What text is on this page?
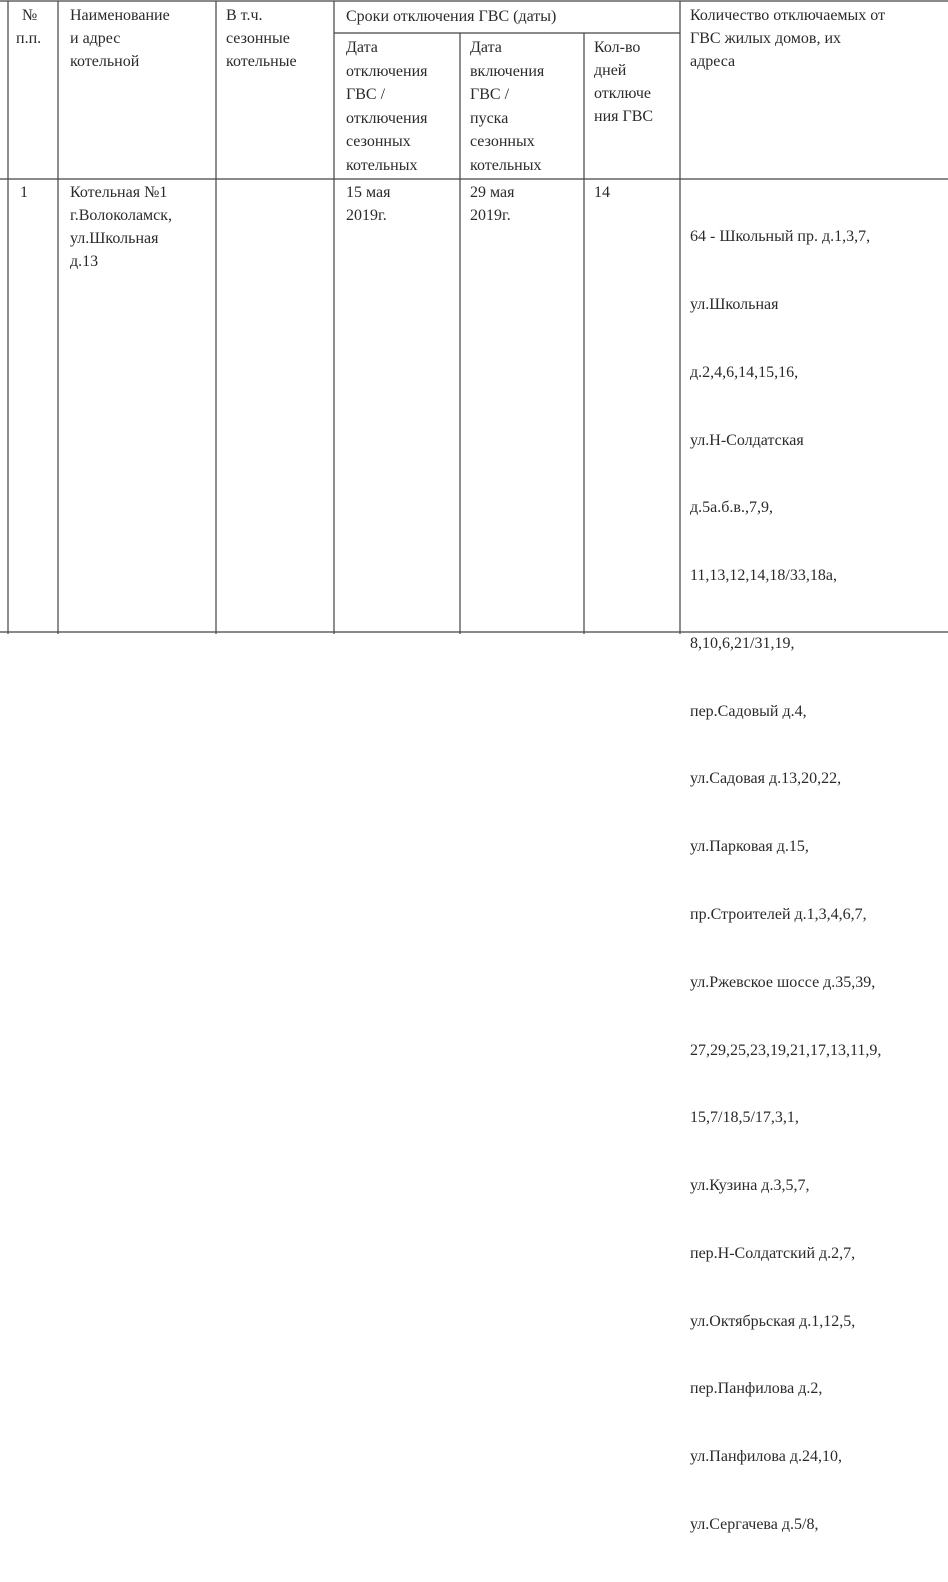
№
п.п.
Наименование
и адрес
котельной
В т.ч.
сезонные
котельные
Сроки отключения ГВС (даты)
Дата
отключения
ГВС /
отключения
сезонных
котельных
Дата
включения
ГВС /
пуска
сезонных
котельных
Кол-во
дней
отключе
ния ГВС
Количество отключаемых от
ГВС жилых домов, их
адреса
1	Котельная №1
г.Волоколамск,
ул.Школьная
д.13
15 мая
2019г.
29 мая
2019г.
14

64 - Школьный пр. д.1,3,7,

ул.Школьная

д.2,4,6,14,15,16,

ул.Н-Солдатская

д.5а.б.в.,7,9,

11,13,12,14,18/33,18а,

8,10,6,21/31,19,

пер.Садовый д.4,

ул.Садовая д.13,20,22,

ул.Парковая д.15,

пр.Строителей д.1,3,4,6,7,

ул.Ржевское шоссе д.35,39,

27,29,25,23,19,21,17,13,11,9,

15,7/18,5/17,3,1,

ул.Кузина д.3,5,7,

пер.Н-Солдатский д.2,7,

ул.Октябрьская д.1,12,5,

пер.Панфилова д.2,

ул.Панфилова д.24,10,

ул.Сергачева д.5/8,
